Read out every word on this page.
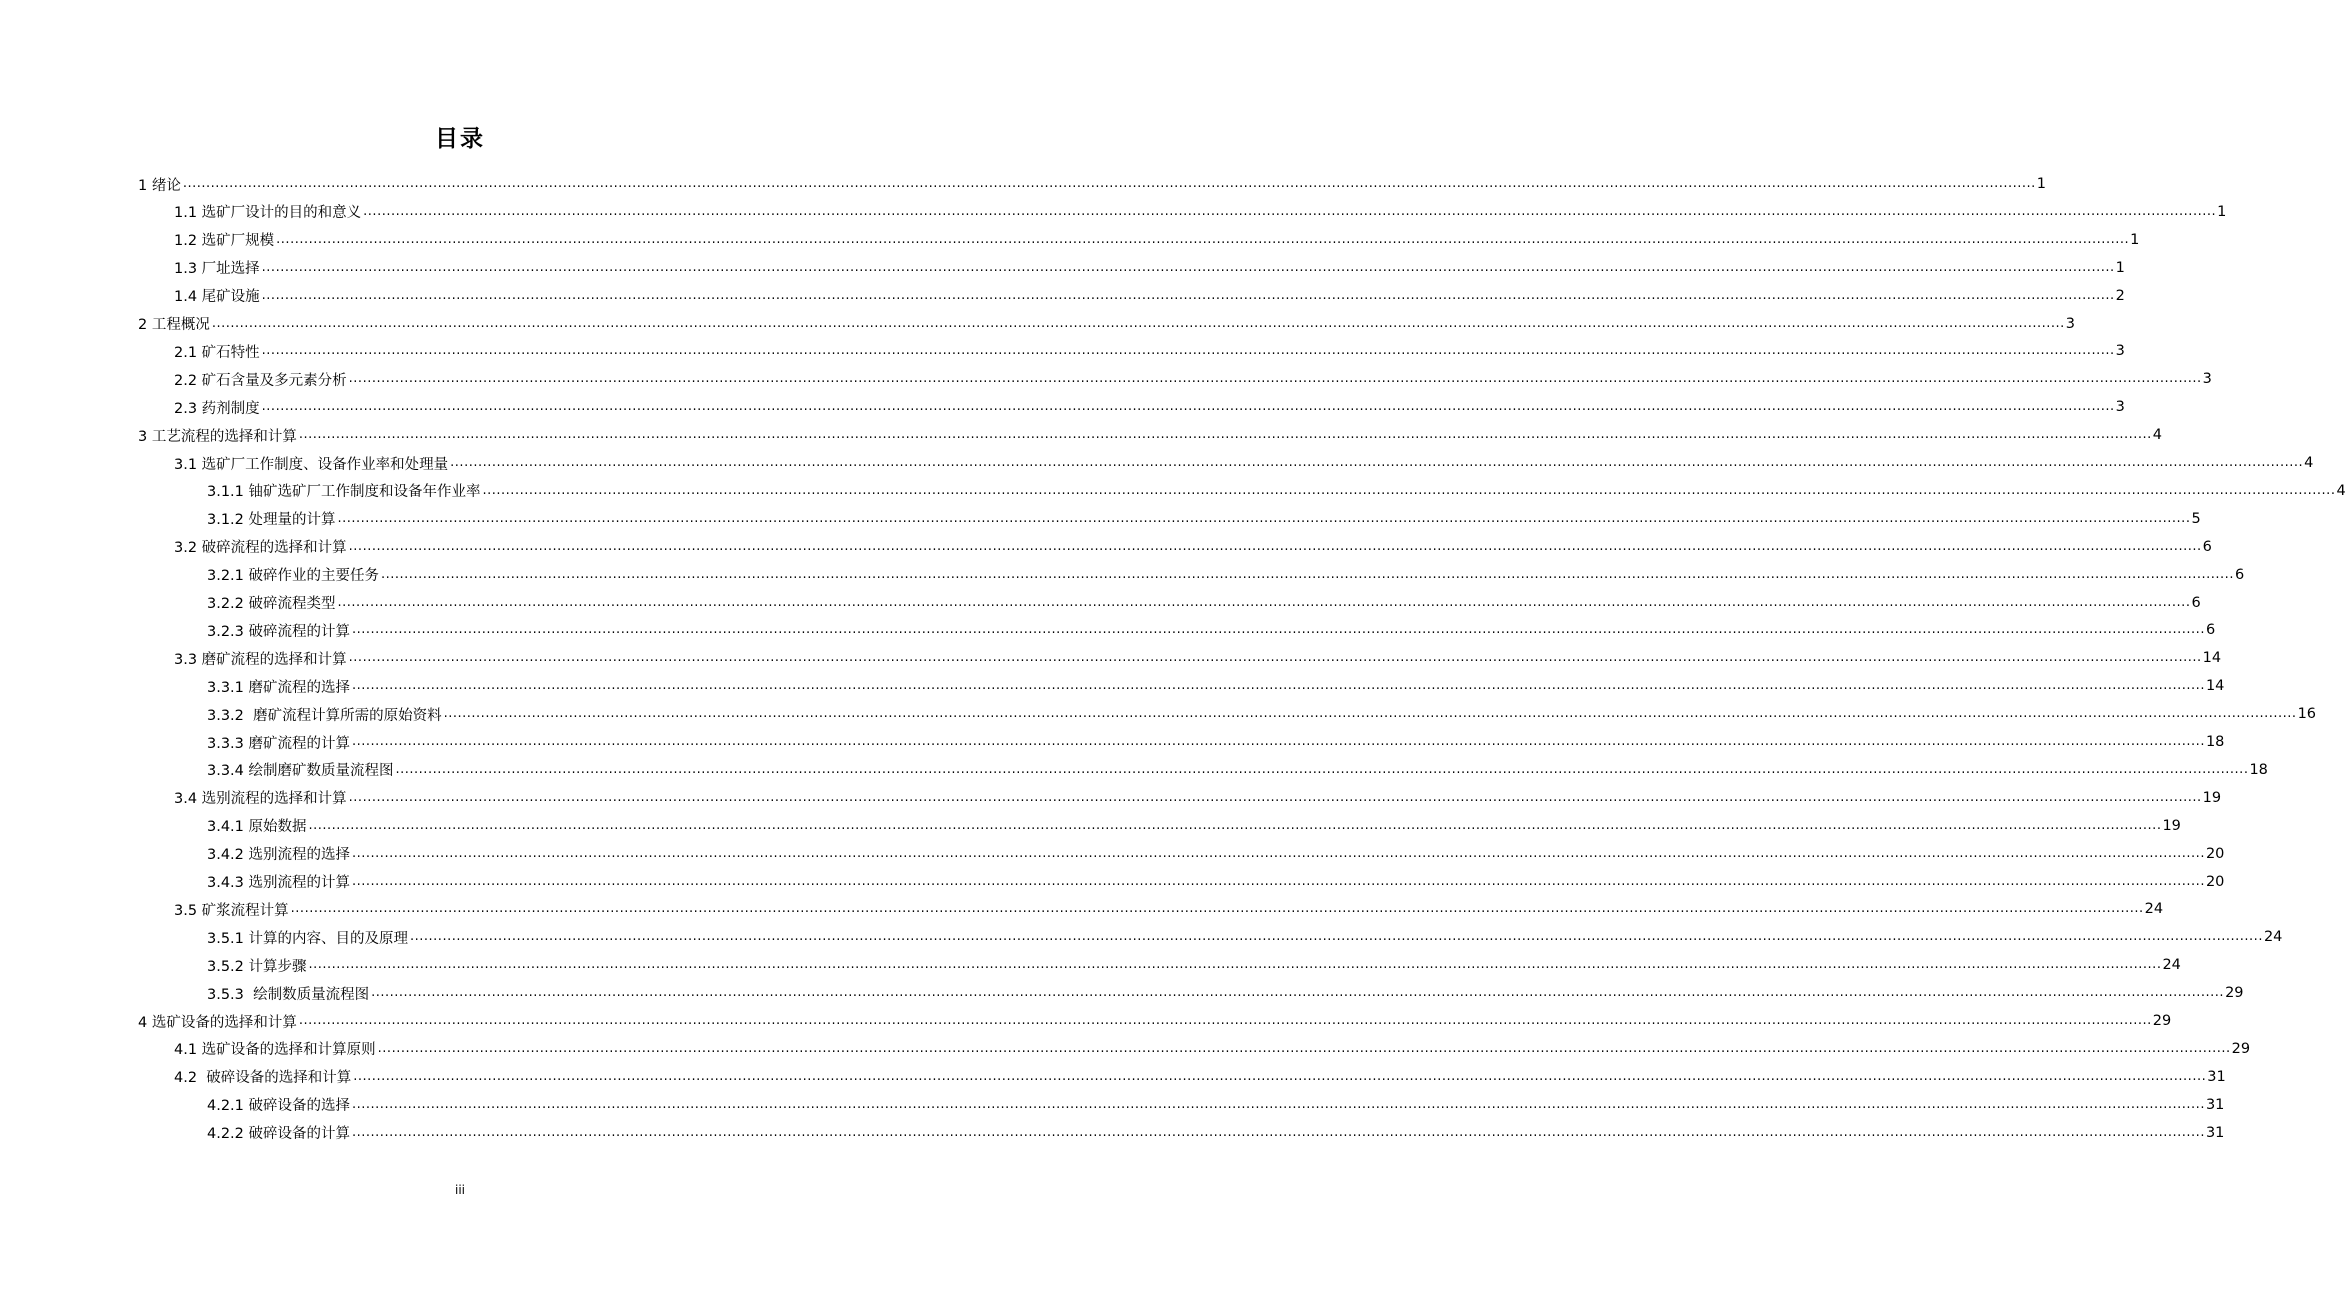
目录
1 绪论 ................................................................................................................................................................................................................................................................................................................................................................................................................ 1
1.1 选矿厂设计的目的和意义 ................................................................................................................................................................................................................................................................................................................................................................................................................ 1
1.2 选矿厂规模 ................................................................................................................................................................................................................................................................................................................................................................................................................ 1
1.3 厂址选择 ................................................................................................................................................................................................................................................................................................................................................................................................................ 1
1.4 尾矿设施 ................................................................................................................................................................................................................................................................................................................................................................................................................ 2
2 工程概况 ................................................................................................................................................................................................................................................................................................................................................................................................................ 3
2.1 矿石特性 ................................................................................................................................................................................................................................................................................................................................................................................................................ 3
2.2 矿石含量及多元素分析 ................................................................................................................................................................................................................................................................................................................................................................................................................ 3
2.3 药剂制度 ................................................................................................................................................................................................................................................................................................................................................................................................................ 3
3 工艺流程的选择和计算 ................................................................................................................................................................................................................................................................................................................................................................................................................ 4
3.1 选矿厂工作制度、设备作业率和处理量 ................................................................................................................................................................................................................................................................................................................................................................................................................ 4
3.1.1 铀矿选矿厂工作制度和设备年作业率 ................................................................................................................................................................................................................................................................................................................................................................................................................ 4
3.1.2 处理量的计算 ................................................................................................................................................................................................................................................................................................................................................................................................................ 5
3.2 破碎流程的选择和计算 ................................................................................................................................................................................................................................................................................................................................................................................................................ 6
3.2.1 破碎作业的主要任务 ................................................................................................................................................................................................................................................................................................................................................................................................................ 6
3.2.2 破碎流程类型 ................................................................................................................................................................................................................................................................................................................................................................................................................ 6
3.2.3 破碎流程的计算 ................................................................................................................................................................................................................................................................................................................................................................................................................ 6
3.3 磨矿流程的选择和计算 ................................................................................................................................................................................................................................................................................................................................................................................................................ 14
3.3.1 磨矿流程的选择 ................................................................................................................................................................................................................................................................................................................................................................................................................ 14
3.3.2  磨矿流程计算所需的原始资料 ................................................................................................................................................................................................................................................................................................................................................................................................................ 16
3.3.3 磨矿流程的计算 ................................................................................................................................................................................................................................................................................................................................................................................................................ 18
3.3.4 绘制磨矿数质量流程图 ................................................................................................................................................................................................................................................................................................................................................................................................................ 18
3.4 选别流程的选择和计算 ................................................................................................................................................................................................................................................................................................................................................................................................................ 19
3.4.1 原始数据 ................................................................................................................................................................................................................................................................................................................................................................................................................ 19
3.4.2 选别流程的选择 ................................................................................................................................................................................................................................................................................................................................................................................................................ 20
3.4.3 选别流程的计算 ................................................................................................................................................................................................................................................................................................................................................................................................................ 20
3.5 矿浆流程计算 ................................................................................................................................................................................................................................................................................................................................................................................................................ 24
3.5.1 计算的内容、目的及原理 ................................................................................................................................................................................................................................................................................................................................................................................................................ 24
3.5.2 计算步骤 ................................................................................................................................................................................................................................................................................................................................................................................................................ 24
3.5.3  绘制数质量流程图 ................................................................................................................................................................................................................................................................................................................................................................................................................ 29
4 选矿设备的选择和计算 ................................................................................................................................................................................................................................................................................................................................................................................................................ 29
4.1 选矿设备的选择和计算原则 ................................................................................................................................................................................................................................................................................................................................................................................................................ 29
4.2  破碎设备的选择和计算 ................................................................................................................................................................................................................................................................................................................................................................................................................ 31
4.2.1 破碎设备的选择 ................................................................................................................................................................................................................................................................................................................................................................................................................ 31
4.2.2 破碎设备的计算 ................................................................................................................................................................................................................................................................................................................................................................................................................ 31
iii
